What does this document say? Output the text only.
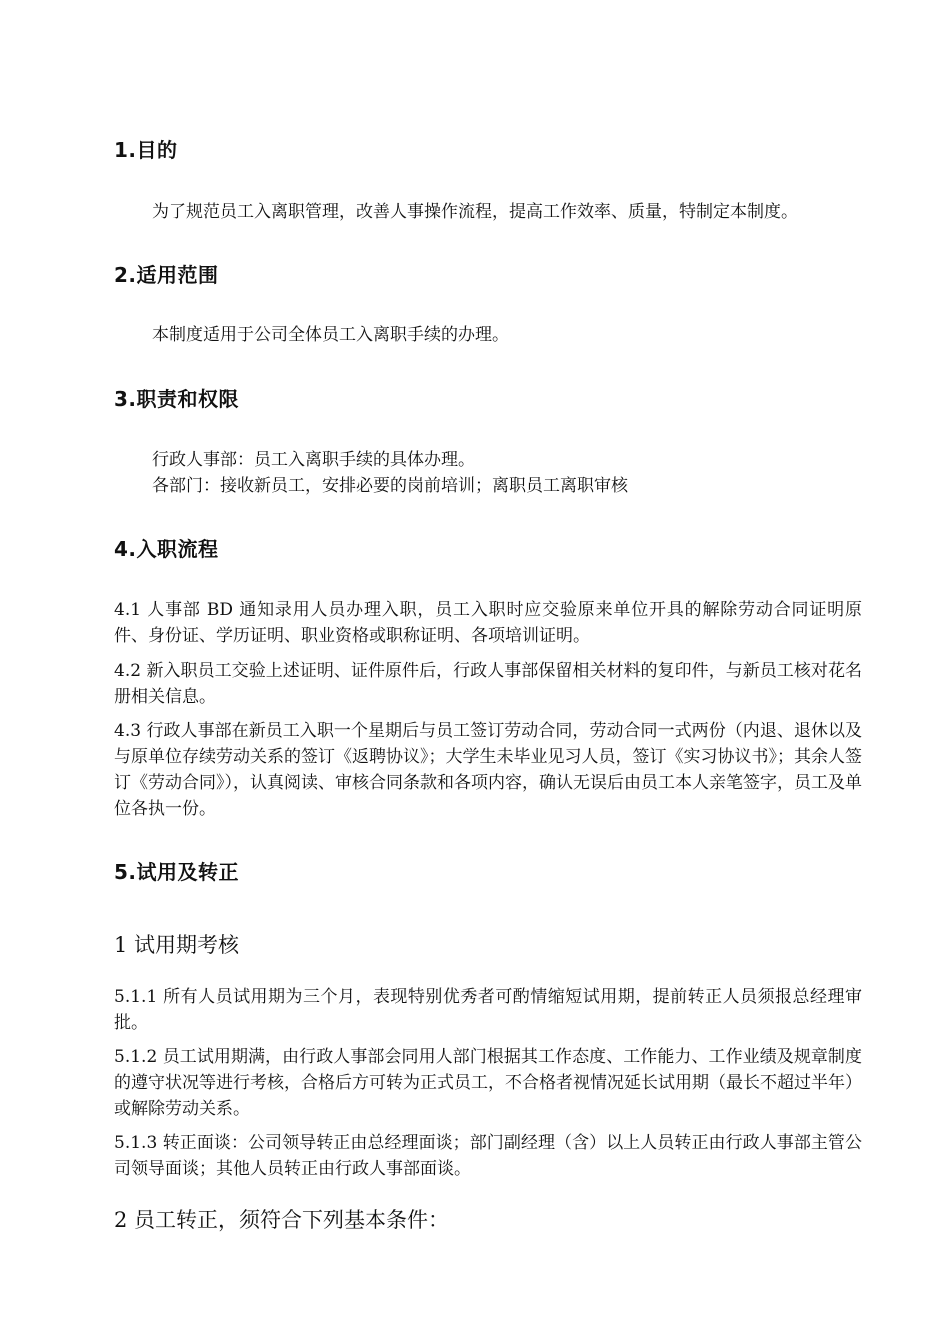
1.目的

为了规范员工入离职管理，改善人事操作流程，提高工作效率、质量，特制定本制度。

2.适用范围

本制度适用于公司全体员工入离职手续的办理。

3.职责和权限

行政人事部：员工入离职手续的具体办理。

各部门：接收新员工，安排必要的岗前培训；离职员工离职审核

4.入职流程

4.1 人事部 BD 通知录用人员办理入职，员工入职时应交验原来单位开具的解除劳动合同证明原件、身份证、学历证明、职业资格或职称证明、各项培训证明。

4.2 新入职员工交验上述证明、证件原件后，行政人事部保留相关材料的复印件，与新员工核对花名册相关信息。

4.3 行政人事部在新员工入职一个星期后与员工签订劳动合同，劳动合同一式两份（内退、退休以及与原单位存续劳动关系的签订《返聘协议》；大学生未毕业见习人员，签订《实习协议书》；其余人签订《劳动合同》），认真阅读、审核合同条款和各项内容，确认无误后由员工本人亲笔签字，员工及单位各执一份。

5.试用及转正

1 试用期考核

5.1.1 所有人员试用期为三个月，表现特别优秀者可酌情缩短试用期，提前转正人员须报总经理审批。

5.1.2 员工试用期满，由行政人事部会同用人部门根据其工作态度、工作能力、工作业绩及规章制度的遵守状况等进行考核，合格后方可转为正式员工，不合格者视情况延长试用期（最长不超过半年）或解除劳动关系。

5.1.3 转正面谈：公司领导转正由总经理面谈；部门副经理（含）以上人员转正由行政人事部主管公司领导面谈；其他人员转正由行政人事部面谈。

2 员工转正，须符合下列基本条件：
